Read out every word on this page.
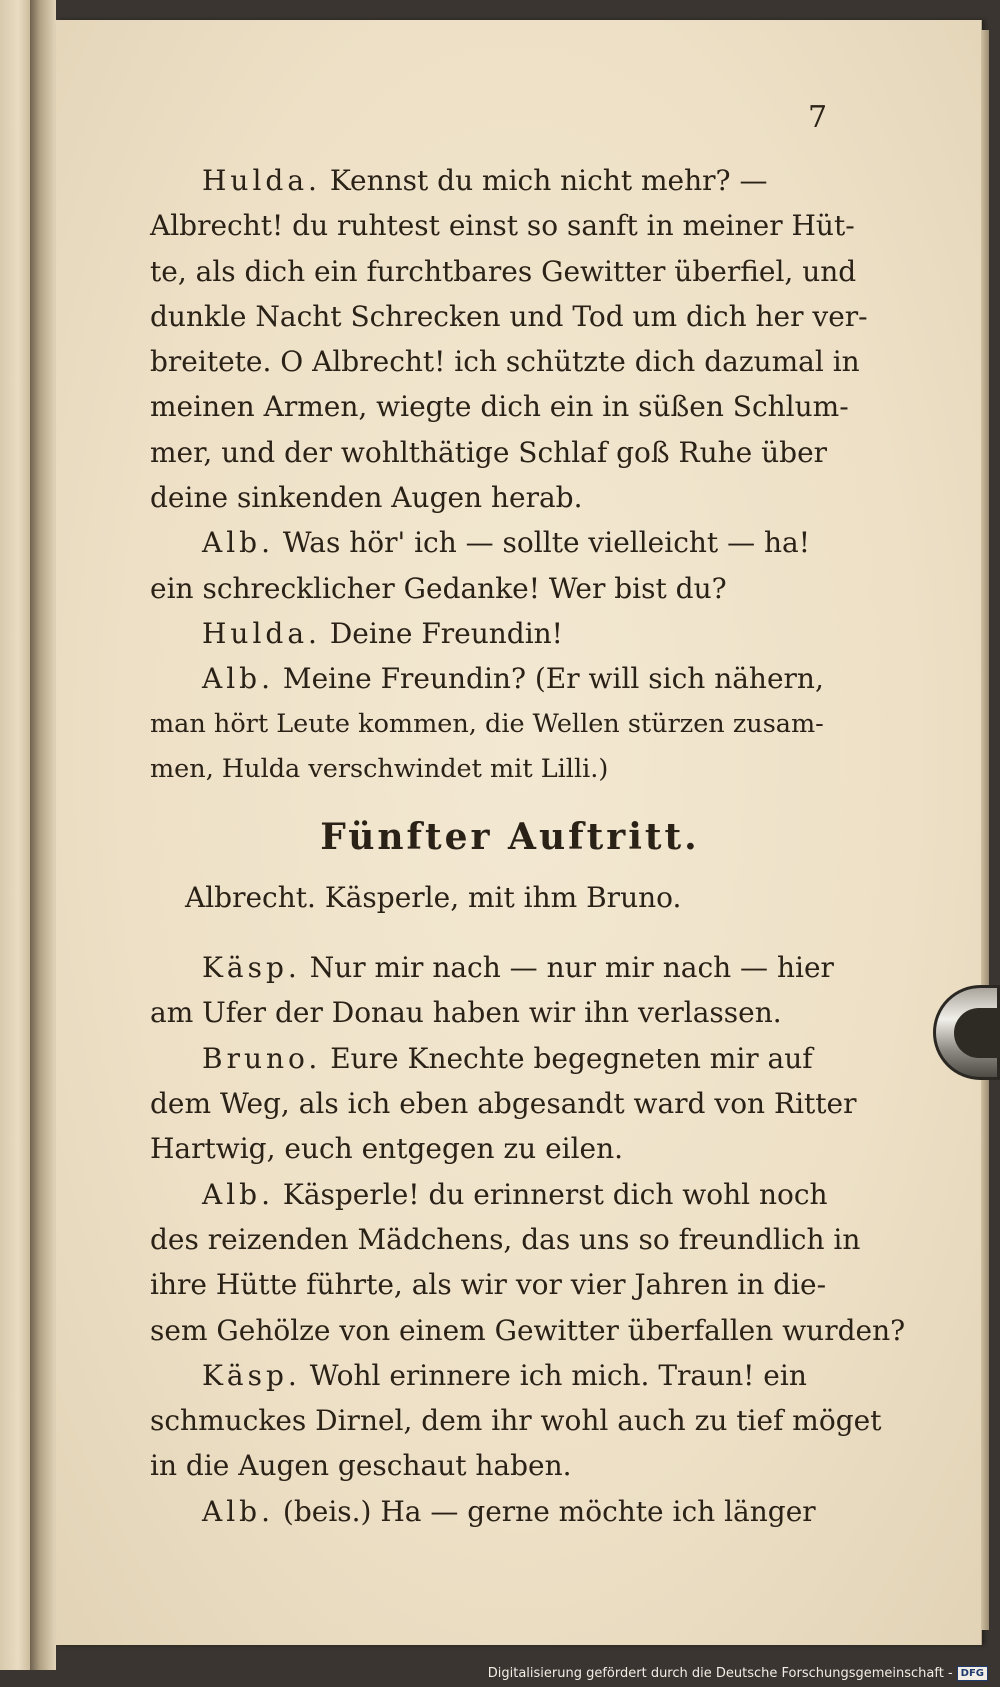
7
Hulda. Kennst du mich nicht mehr? —
Albrecht! du ruhtest einst so sanft in meiner Hüt-
te, als dich ein furchtbares Gewitter überfiel, und
dunkle Nacht Schrecken und Tod um dich her ver-
breitete. O Albrecht! ich schützte dich dazumal in
meinen Armen, wiegte dich ein in süßen Schlum-
mer, und der wohlthätige Schlaf goß Ruhe über
deine sinkenden Augen herab.
Alb. Was hör' ich — sollte vielleicht — ha!
ein schrecklicher Gedanke! Wer bist du?
Hulda. Deine Freundin!
Alb. Meine Freundin? (Er will sich nähern,
man hört Leute kommen, die Wellen stürzen zusam-
men, Hulda verschwindet mit Lilli.)
Fünfter Auftritt.
Albrecht. Käsperle, mit ihm Bruno.
Käsp. Nur mir nach — nur mir nach — hier
am Ufer der Donau haben wir ihn verlassen.
Bruno. Eure Knechte begegneten mir auf
dem Weg, als ich eben abgesandt ward von Ritter
Hartwig, euch entgegen zu eilen.
Alb. Käsperle! du erinnerst dich wohl noch
des reizenden Mädchens, das uns so freundlich in
ihre Hütte führte, als wir vor vier Jahren in die-
sem Gehölze von einem Gewitter überfallen wurden?
Käsp. Wohl erinnere ich mich. Traun! ein
schmuckes Dirnel, dem ihr wohl auch zu tief möget
in die Augen geschaut haben.
Alb. (beis.) Ha — gerne möchte ich länger
Digitalisierung gefördert durch die Deutsche Forschungsgemeinschaft - DFG
